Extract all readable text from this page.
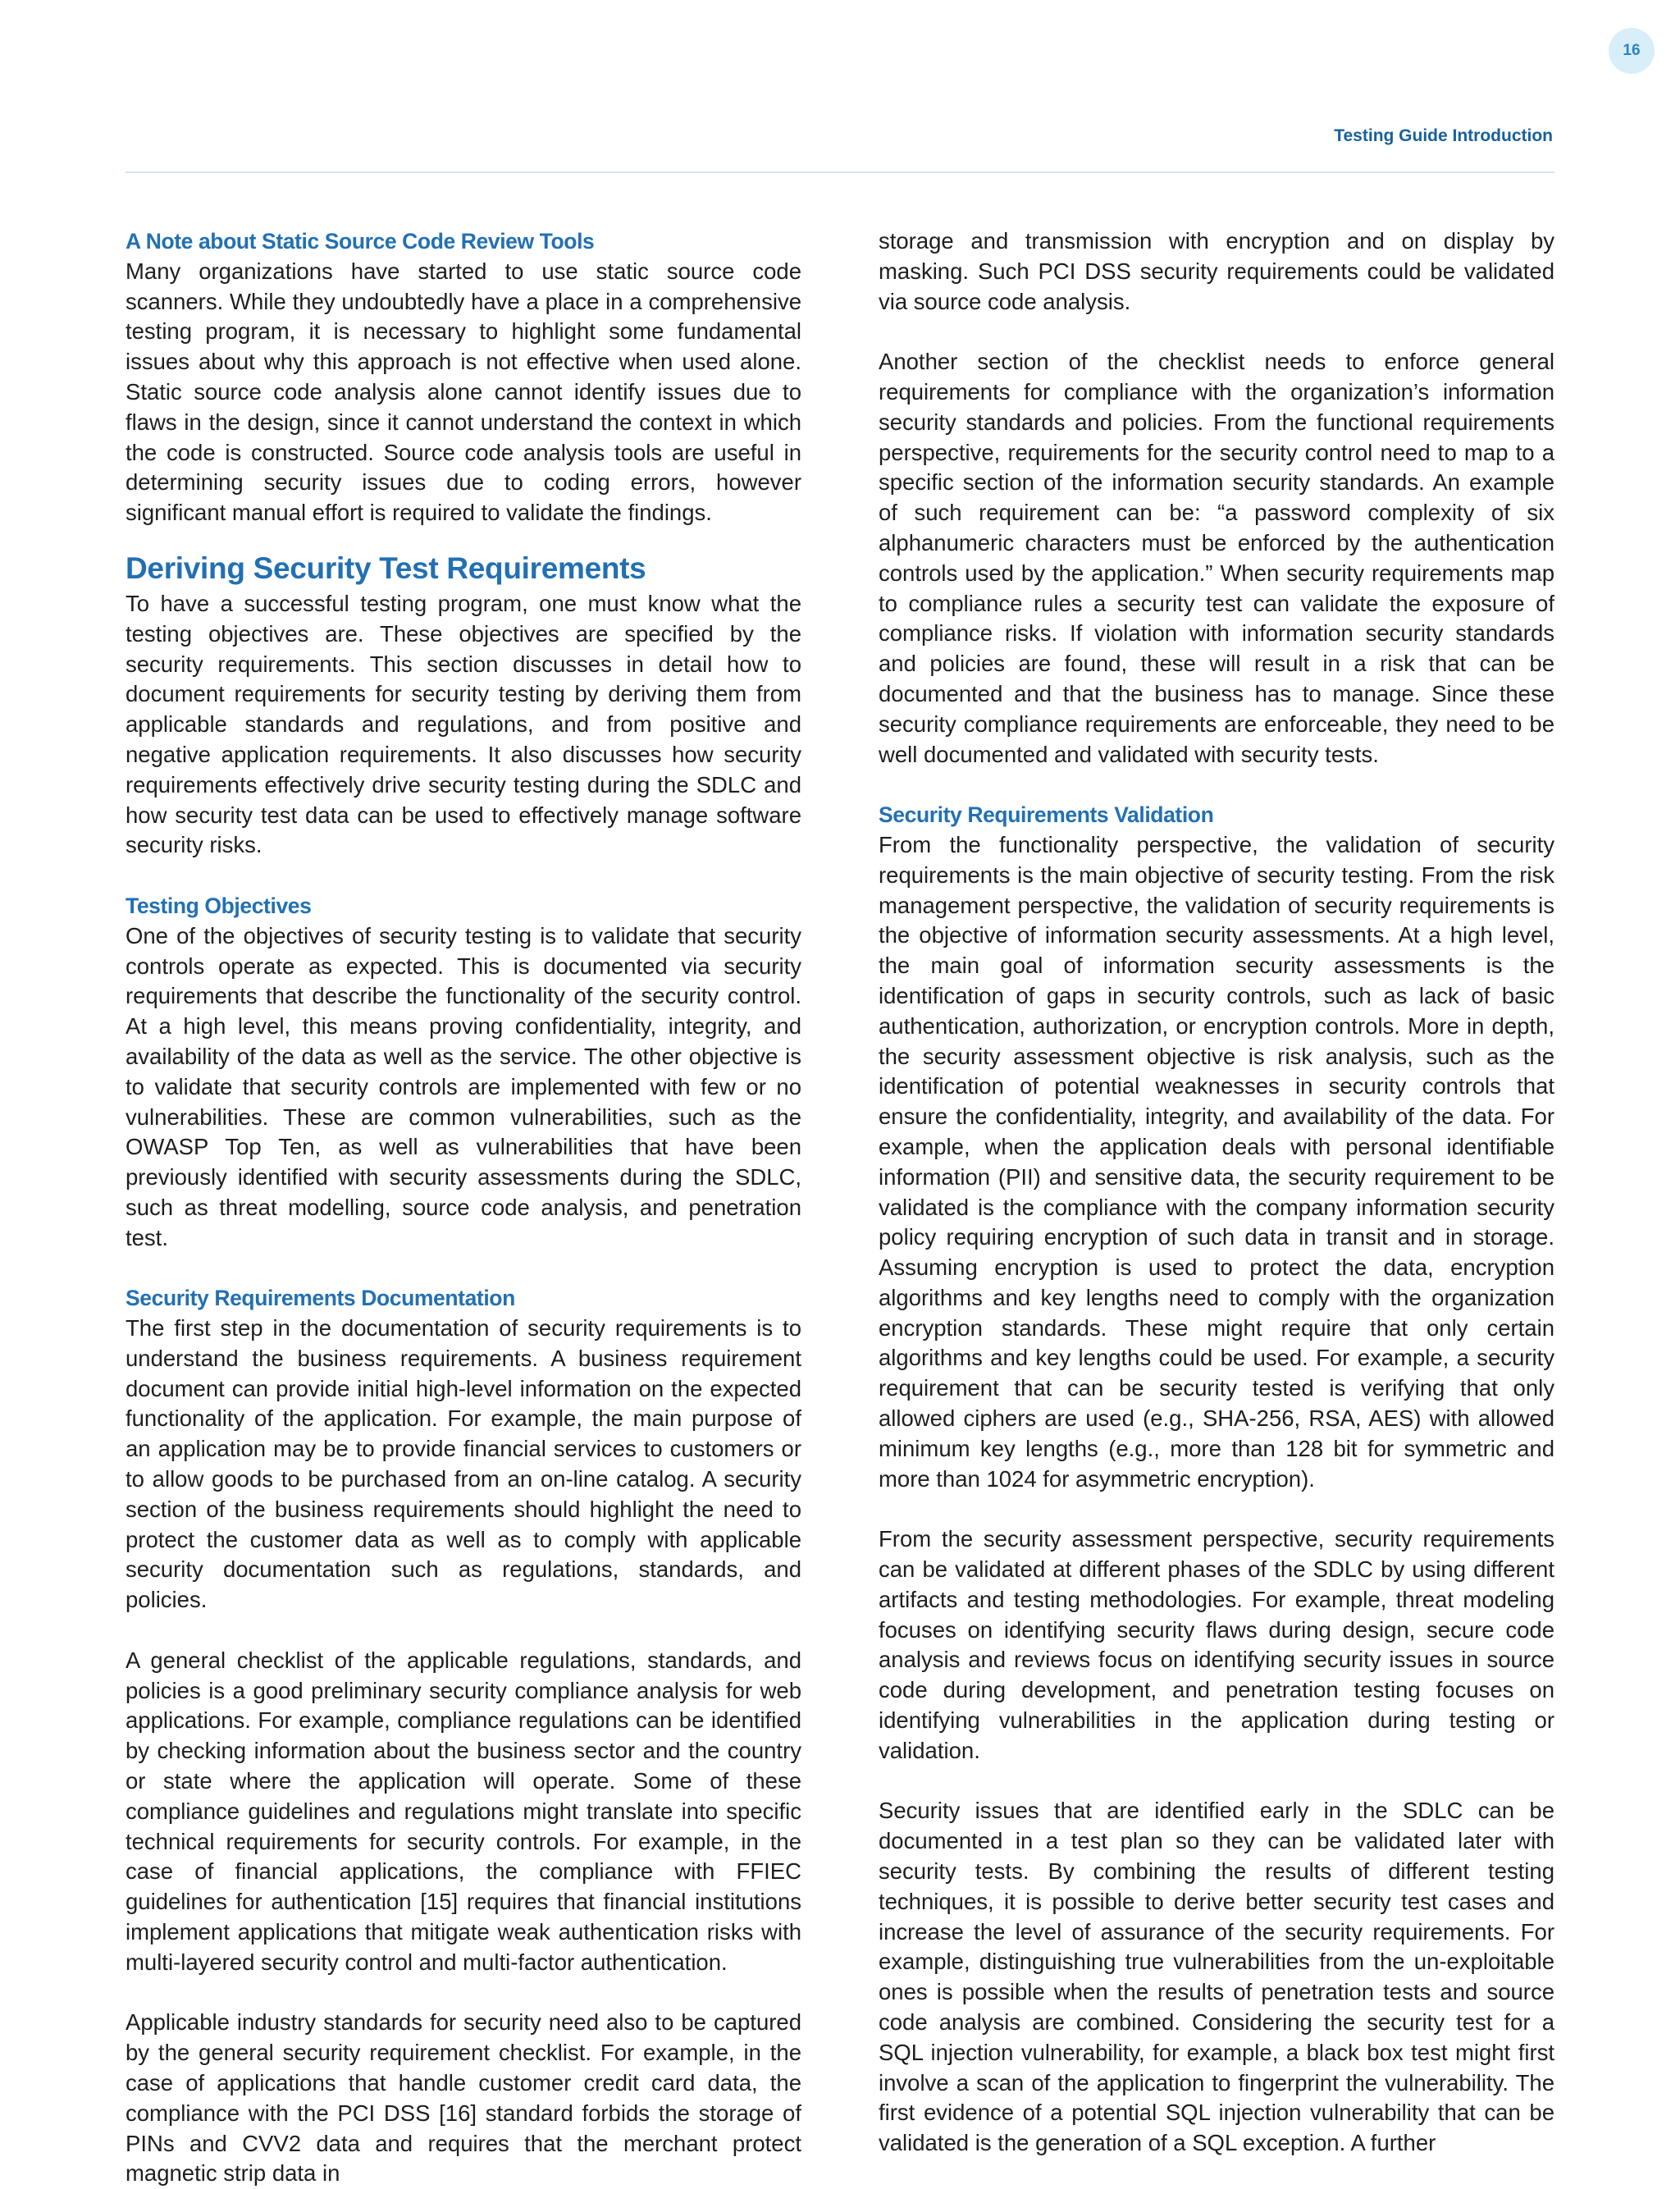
16
Testing Guide Introduction
A Note about Static Source Code Review Tools

Many organizations have started to use static source code scanners. While they undoubtedly have a place in a comprehensive testing program, it is necessary to highlight some fundamental issues about why this approach is not effective when used alone. Static source code analysis alone cannot identify issues due to flaws in the design, since it cannot understand the context in which the code is constructed. Source code analysis tools are useful in determining security issues due to coding errors, however significant manual effort is required to validate the findings.

Deriving Security Test Requirements

To have a successful testing program, one must know what the testing objectives are. These objectives are specified by the security requirements. This section discusses in detail how to document requirements for security testing by deriving them from applicable standards and regulations, and from positive and negative application requirements. It also discusses how security requirements effectively drive security testing during the SDLC and how security test data can be used to effectively manage software security risks.

Testing Objectives

One of the objectives of security testing is to validate that security controls operate as expected. This is documented via security requirements that describe the functionality of the security control. At a high level, this means proving confidentiality, integrity, and availability of the data as well as the service. The other objective is to validate that security controls are implemented with few or no vulnerabilities. These are common vulnerabilities, such as the OWASP Top Ten, as well as vulnerabilities that have been previously identified with security assessments during the SDLC, such as threat modelling, source code analysis, and penetration test.

Security Requirements Documentation

The first step in the documentation of security requirements is to understand the business requirements. A business requirement document can provide initial high-level information on the expected functionality of the application. For example, the main purpose of an application may be to provide financial services to customers or to allow goods to be purchased from an on-line catalog. A security section of the business requirements should highlight the need to protect the customer data as well as to comply with applicable security documentation such as regulations, standards, and policies.

A general checklist of the applicable regulations, standards, and policies is a good preliminary security compliance analysis for web applications. For example, compliance regulations can be identified by checking information about the business sector and the country or state where the application will operate. Some of these compliance guidelines and regulations might translate into specific technical requirements for security controls. For example, in the case of financial applications, the compliance with FFIEC guidelines for authentication [15] requires that financial institutions implement applications that mitigate weak authentication risks with multi-layered security control and multi-factor authentication.

Applicable industry standards for security need also to be captured by the general security requirement checklist. For example, in the case of applications that handle customer credit card data, the compliance with the PCI DSS [16] standard forbids the storage of PINs and CVV2 data and requires that the merchant protect magnetic strip data in

storage and transmission with encryption and on display by masking. Such PCI DSS security requirements could be validated via source code analysis.

Another section of the checklist needs to enforce general requirements for compliance with the organization’s information security standards and policies. From the functional requirements perspective, requirements for the security control need to map to a specific section of the information security standards. An example of such requirement can be: “a password complexity of six alphanumeric characters must be enforced by the authentication controls used by the application.” When security requirements map to compliance rules a security test can validate the exposure of compliance risks. If violation with information security standards and policies are found, these will result in a risk that can be documented and that the business has to manage. Since these security compliance requirements are enforceable, they need to be well documented and validated with security tests.

Security Requirements Validation

From the functionality perspective, the validation of security requirements is the main objective of security testing. From the risk management perspective, the validation of security requirements is the objective of information security assessments. At a high level, the main goal of information security assessments is the identification of gaps in security controls, such as lack of basic authentication, authorization, or encryption controls. More in depth, the security assessment objective is risk analysis, such as the identification of potential weaknesses in security controls that ensure the confidentiality, integrity, and availability of the data. For example, when the application deals with personal identifiable information (PII) and sensitive data, the security requirement to be validated is the compliance with the company information security policy requiring encryption of such data in transit and in storage. Assuming encryption is used to protect the data, encryption algorithms and key lengths need to comply with the organization encryption standards. These might require that only certain algorithms and key lengths could be used. For example, a security requirement that can be security tested is verifying that only allowed ciphers are used (e.g., SHA-256, RSA, AES) with allowed minimum key lengths (e.g., more than 128 bit for symmetric and more than 1024 for asymmetric encryption).

From the security assessment perspective, security requirements can be validated at different phases of the SDLC by using different artifacts and testing methodologies. For example, threat modeling focuses on identifying security flaws during design, secure code analysis and reviews focus on identifying security issues in source code during development, and penetration testing focuses on identifying vulnerabilities in the application during testing or validation.

Security issues that are identified early in the SDLC can be documented in a test plan so they can be validated later with security tests. By combining the results of different testing techniques, it is possible to derive better security test cases and increase the level of assurance of the security requirements. For example, distinguishing true vulnerabilities from the un-exploitable ones is possible when the results of penetration tests and source code analysis are combined. Considering the security test for a SQL injection vulnerability, for example, a black box test might first involve a scan of the application to fingerprint the vulnerability. The first evidence of a potential SQL injection vulnerability that can be validated is the generation of a SQL exception. A further
